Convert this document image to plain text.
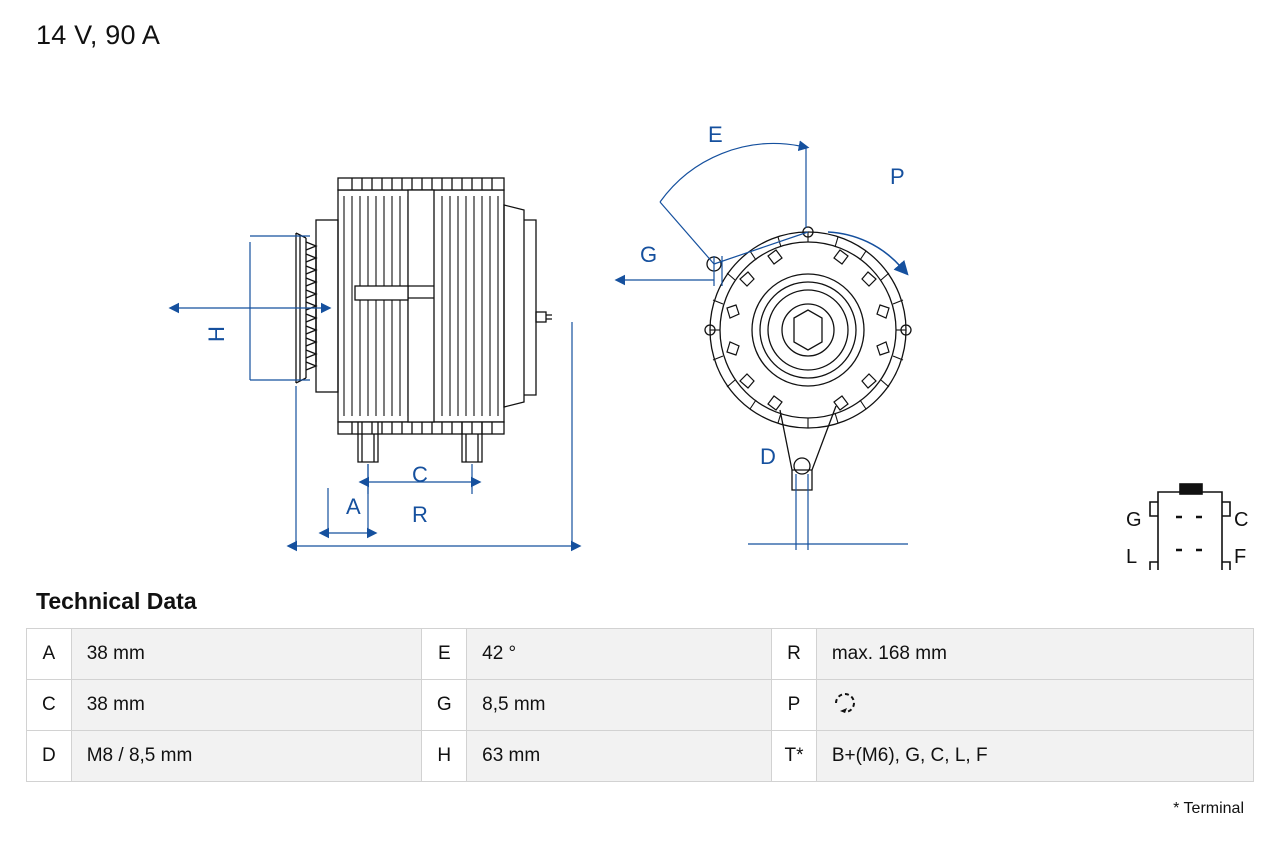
14 V, 90 A
H
C
A R
E
G
P
D
G	C
L	F
Technical Data
A	38 mm	E	42 °	R	max. 168 mm
C	38 mm	G	8,5 mm	P	
D	M8 / 8,5 mm	H	63 mm	T*	B+(M6), G, C, L, F
* Terminal
